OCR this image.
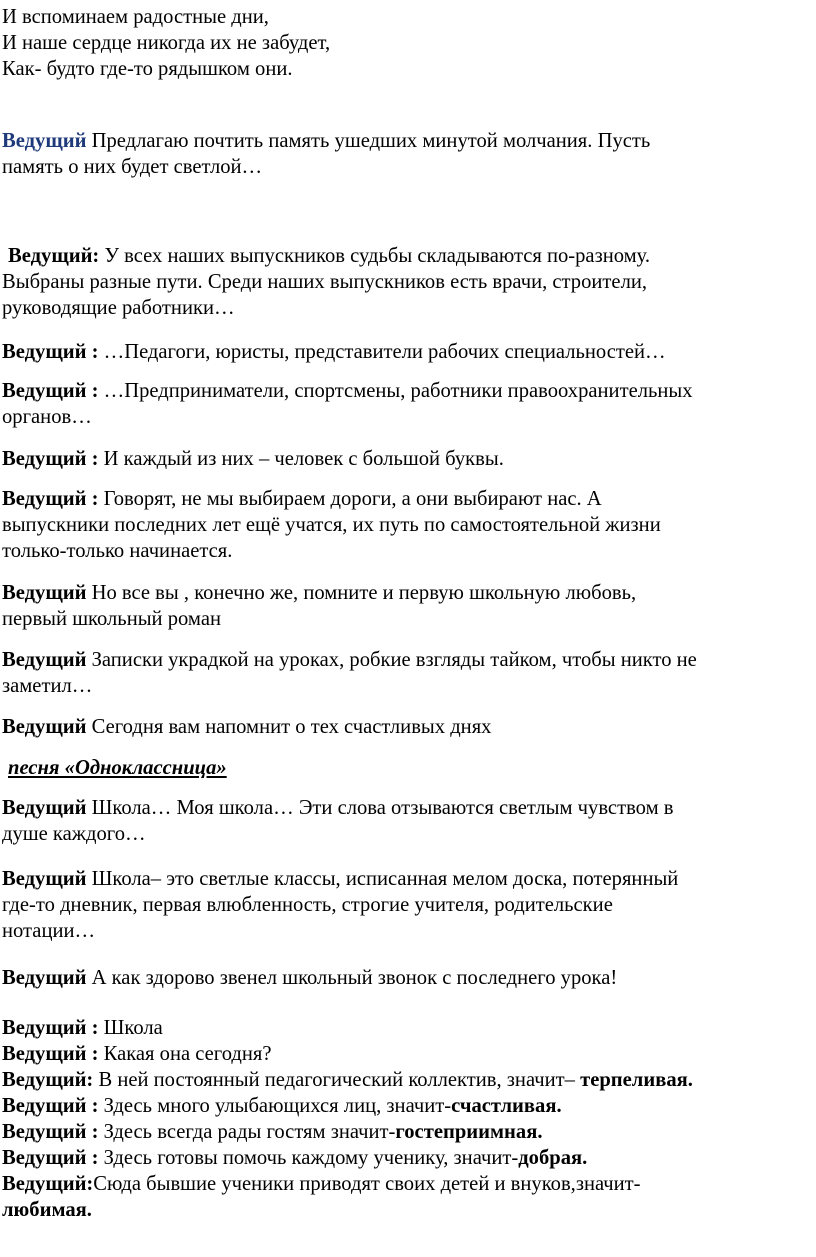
И вспоминаем радостные дни,
И наше сердце никогда их не забудет,
Как- будто где-то рядышком они.
Ведущий Предлагаю почтить память ушедших минутой молчания. Пусть
память о них будет светлой…
Ведущий: У всех наших выпускников судьбы складываются по-разному.
Выбраны разные пути. Среди наших выпускников есть врачи, строители,
руководящие работники…
Ведущий : …Педагоги, юристы, представители рабочих специальностей…
Ведущий : …Предприниматели, спортсмены, работники правоохранительных
органов…
Ведущий : И каждый из них – человек с большой буквы.
Ведущий : Говорят, не мы выбираем дороги, а они выбирают нас. А
выпускники последних лет ещё учатся, их путь по самостоятельной жизни
только-только начинается.
Ведущий Но все вы , конечно же, помните и первую школьную любовь,
первый школьный роман
Ведущий Записки украдкой на уроках, робкие взгляды тайком, чтобы никто не
заметил…
Ведущий Сегодня вам напомнит о тех счастливых днях
песня «Одноклассница»
Ведущий Школа… Моя школа… Эти слова отзываются светлым чувством в
душе каждого…
Ведущий Школа– это светлые классы, исписанная мелом доска, потерянный
где-то дневник, первая влюбленность, строгие учителя, родительские
нотации…
Ведущий А как здорово звенел школьный звонок с последнего урока!
Ведущий : Школа
Ведущий : Какая она сегодня?
Ведущий: В ней постоянный педагогический коллектив, значит– терпеливая.
Ведущий : Здесь много улыбающихся лиц, значит-счастливая.
Ведущий : Здесь всегда рады гостям значит-гостеприимная.
Ведущий : Здесь готовы помочь каждому ученику, значит-добрая.
Ведущий:Сюда бывшие ученики приводят своих детей и внуков,значит-
любимая.
